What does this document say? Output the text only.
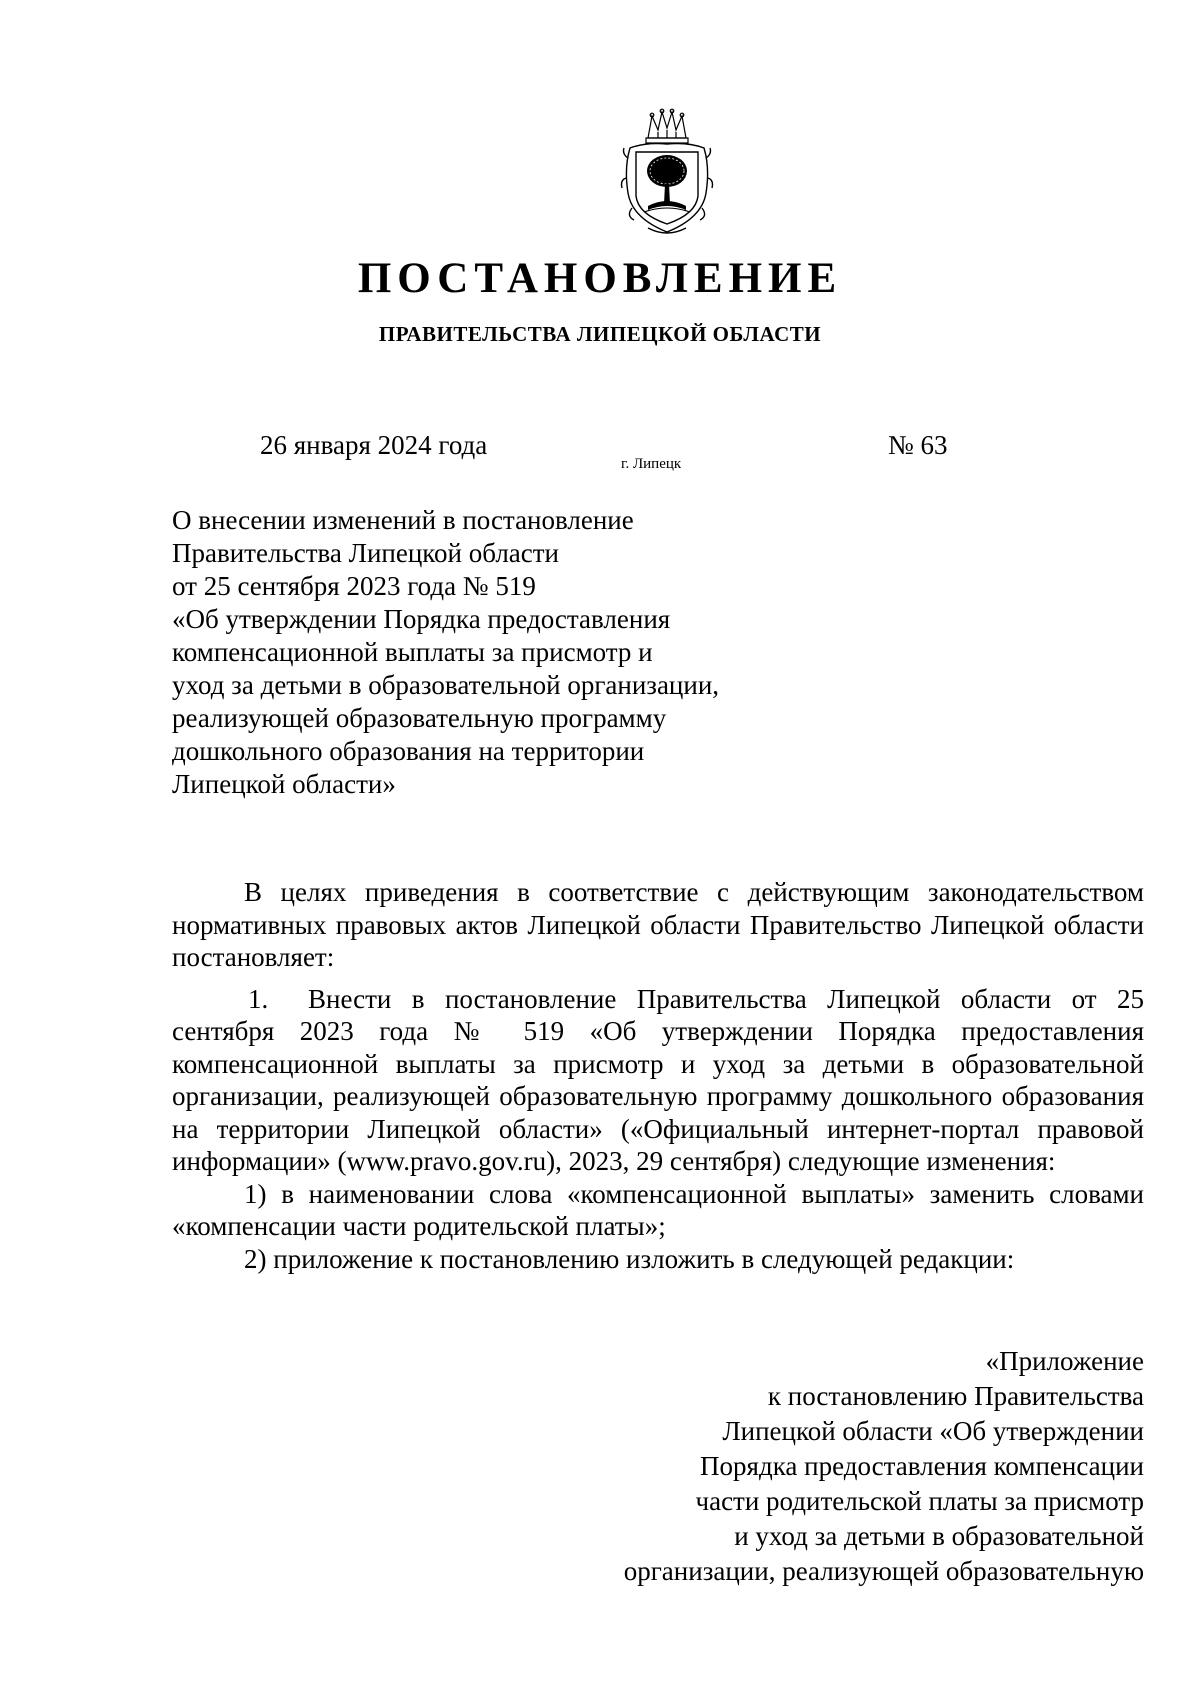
ПОСТАНОВЛЕНИЕ
ПРАВИТЕЛЬСТВА ЛИПЕЦКОЙ ОБЛАСТИ
26 января 2024 года
г. Липецк
№ 63
О внесении изменений в постановление
Правительства Липецкой области
от 25 сентября 2023 года № 519
«Об утверждении Порядка предоставления
компенсационной выплаты за присмотр и
уход за детьми в образовательной организации,
реализующей образовательную программу
дошкольного образования на территории
Липецкой области»

В целях приведения в соответствие с действующим законодательством нормативных правовых актов Липецкой области Правительство Липецкой области постановляет:

1. Внести в постановление Правительства Липецкой области от 25 сентября 2023 года № 519 «Об утверждении Порядка предоставления компенсационной выплаты за присмотр и уход за детьми в образовательной организации, реализующей образовательную программу дошкольного образования на территории Липецкой области» («Официальный интернет-портал правовой информации» (www.pravo.gov.ru), 2023, 29 сентября) следующие изменения:

1) в наименовании слова «компенсационной выплаты» заменить словами «компенсации части родительской платы»;

2) приложение к постановлению изложить в следующей редакции:

«Приложение
к постановлению Правительства
Липецкой области «Об утверждении
Порядка предоставления компенсации
части родительской платы за присмотр
и уход за детьми в образовательной
организации, реализующей образовательную
